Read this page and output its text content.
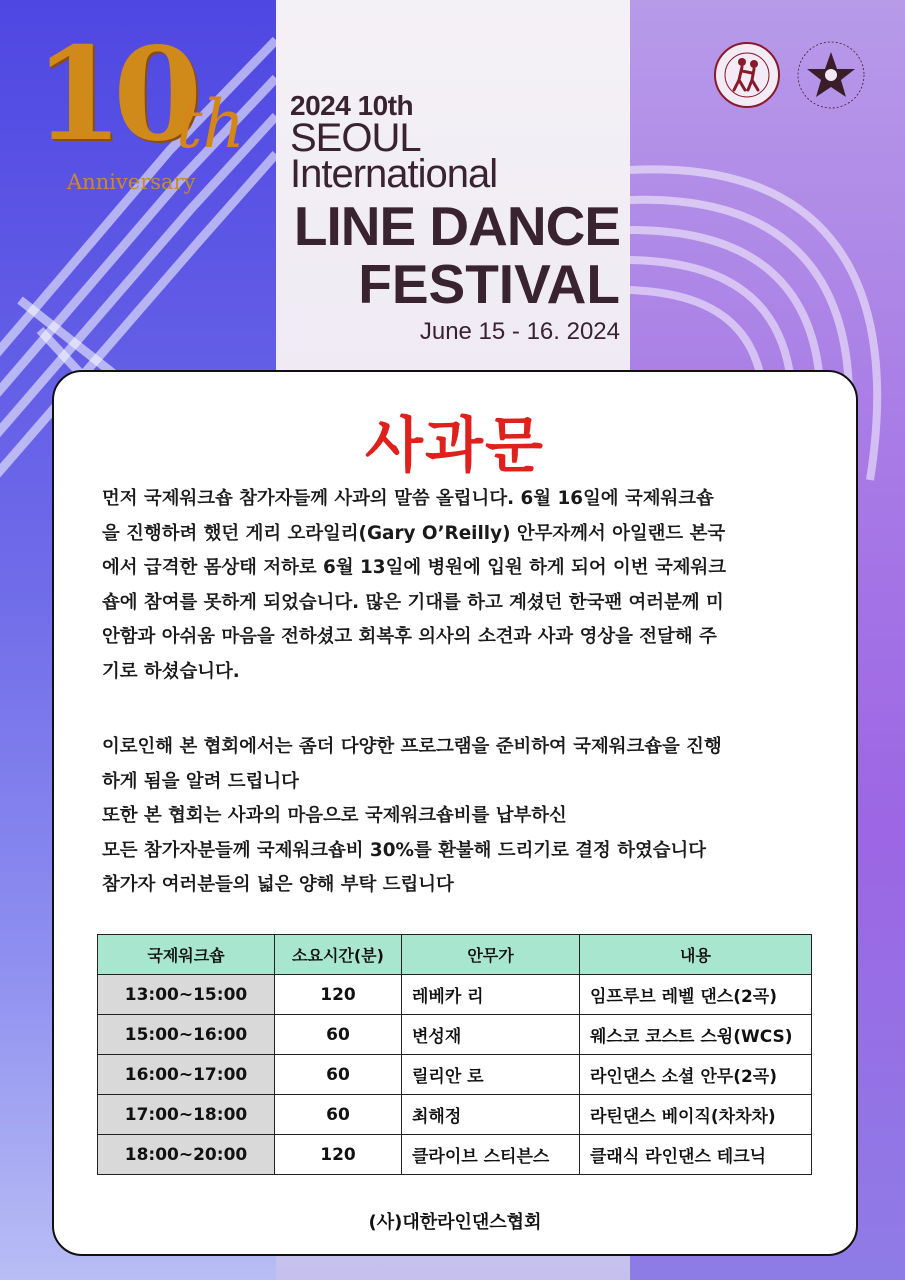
10
th
Anniversary
2024 10th
SEOUL
International
LINE DANCE
FESTIVAL
June 15 - 16. 2024
사과문
먼저 국제워크숍 참가자들께 사과의 말씀 올립니다. 6월 16일에 국제워크숍
을 진행하려 했던 게리 오라일리(Gary O’Reilly) 안무자께서 아일랜드 본국
에서 급격한 몸상태 저하로 6월 13일에 병원에 입원 하게 되어 이번 국제워크
숍에 참여를 못하게 되었습니다. 많은 기대를 하고 계셨던 한국팬 여러분께 미
안함과 아쉬움 마음을 전하셨고 회복후 의사의 소견과 사과 영상을 전달해 주
기로 하셨습니다.
이로인해 본 협회에서는 좀더 다양한 프로그램을 준비하여 국제워크숍을 진행
하게 됨을 알려 드립니다
또한 본 협회는 사과의 마음으로 국제워크숍비를 납부하신
모든 참가자분들께 국제워크숍비 30%를 환불해 드리기로 결정 하였습니다
참가자 여러분들의 넓은 양해 부탁 드립니다
국제워크숍	소요시간(분)	안무가	내용
13:00~15:00	120	레베카 리	임프루브 레벨 댄스(2곡)
15:00~16:00	60	변성재	웨스코 코스트 스윙(WCS)
16:00~17:00	60	릴리안 로	라인댄스 소셜 안무(2곡)
17:00~18:00	60	최해정	라틴댄스 베이직(차차차)
18:00~20:00	120	클라이브 스티븐스	클래식 라인댄스 테크닉
(사)대한라인댄스협회
